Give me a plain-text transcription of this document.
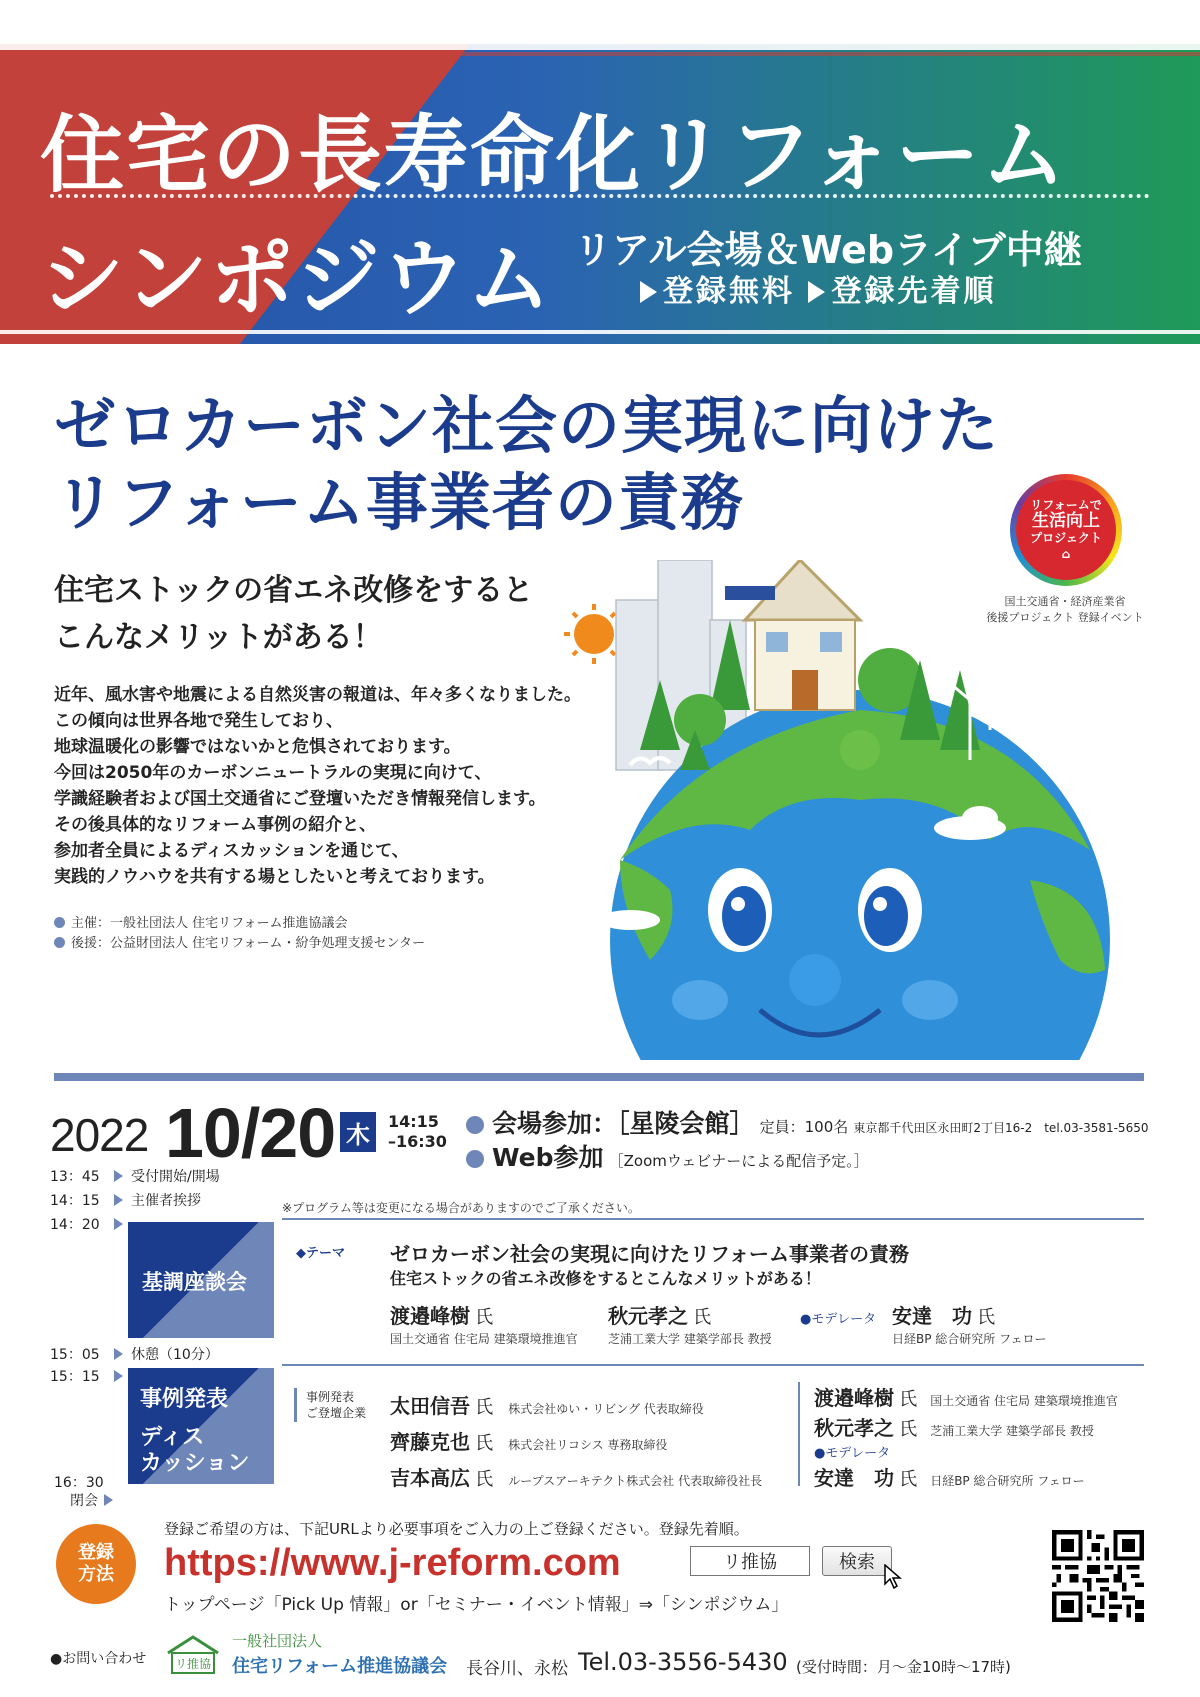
住宅の長寿命化リフォーム
シンポジウム リアル会場＆Webライブ中継
登録無料 登録先着順
ゼロカーボン社会の実現に向けた
リフォーム事業者の責務	リフォームで
生活向上
プロジェクト
⌂
国土交通省・経済産業省
後援プロジェクト 登録イベント
住宅ストックの省エネ改修をすると
こんなメリットがある！
近年、風水害や地震による自然災害の報道は、年々多くなりました。
この傾向は世界各地で発生しており、
地球温暖化の影響ではないかと危惧されております。
今回は2050年のカーボンニュートラルの実現に向けて、
学識経験者および国土交通省にご登壇いただき情報発信します。
その後具体的なリフォーム事例の紹介と、
参加者全員によるディスカッションを通じて、
実践的ノウハウを共有する場としたいと考えております。
主催：一般社団法人 住宅リフォーム推進協議会
後援：公益財団法人 住宅リフォーム・紛争処理支援センター
2022 10/20 木	14:15
–16:30
会場参加：［星陵会館］ 定員：100名 東京都千代田区永田町2丁目16-2　tel.03-3581-5650
Web参加 ［Zoomウェビナーによる配信予定。］
13：45 受付開始/開場
14：15 主催者挨拶
14：20
15：05 休憩（10分）
15：15
16：30
閉会
※プログラム等は変更になる場合がありますのでご了承ください。
基調座談会
◆テーマ ゼロカーボン社会の実現に向けたリフォーム事業者の責務
住宅ストックの省エネ改修をするとこんなメリットがある！
渡邉峰樹 氏
国土交通省 住宅局 建築環境推進官
秋元孝之 氏
芝浦工業大学 建築学部長 教授
●モデレータ 安達　功 氏
日経BP 総合研究所 フェロー
事例発表
ディス
カッション
事例発表
ご登壇企業 太田信吾 氏 株式会社ゆい・リビング 代表取締役
齊藤克也 氏 株式会社リコシス 専務取締役
吉本高広 氏 ループスアーキテクト株式会社 代表取締役社長
渡邉峰樹 氏 国土交通省 住宅局 建築環境推進官
秋元孝之 氏 芝浦工業大学 建築学部長 教授
●モデレータ
安達　功 氏 日経BP 総合研究所 フェロー
登録
方法
登録ご希望の方は、下記URLより必要事項をご入力の上ご登録ください。登録先着順。
https://www.j-reform.com	リ推協	検索
トップページ「Pick Up 情報」or「セミナー・イベント情報」⇒「シンポジウム」
●お問い合わせ リ推協
一般社団法人
住宅リフォーム推進協議会 長谷川、永松 Tel.03-3556-5430 (受付時間：月〜金10時〜17時)
